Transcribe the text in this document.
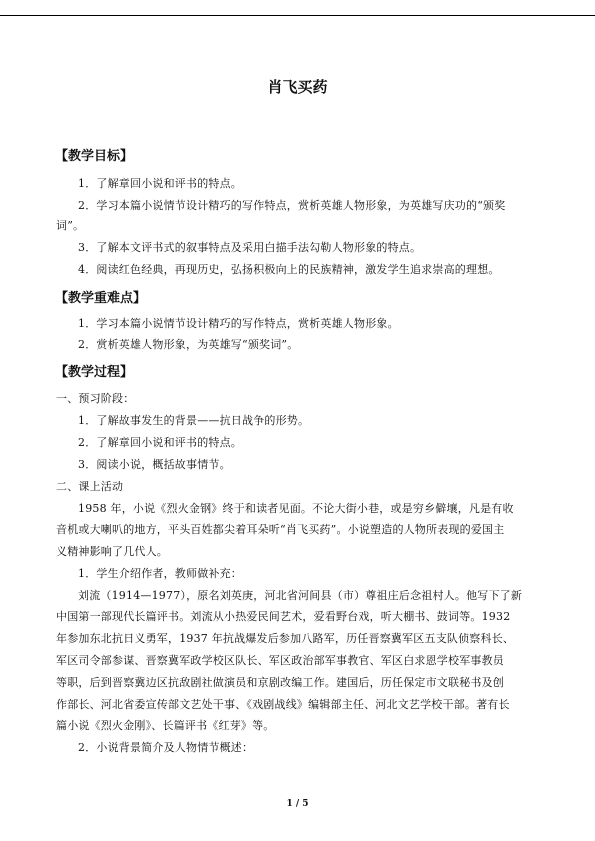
肖飞买药
【教学目标】
1．了解章回小说和评书的特点。
2．学习本篇小说情节设计精巧的写作特点，赏析英雄人物形象，为英雄写庆功的“颁奖
词”。
3．了解本文评书式的叙事特点及采用白描手法勾勒人物形象的特点。
4．阅读红色经典，再现历史，弘扬积极向上的民族精神，激发学生追求崇高的理想。
【教学重难点】
1．学习本篇小说情节设计精巧的写作特点，赏析英雄人物形象。
2．赏析英雄人物形象，为英雄写“颁奖词”。
【教学过程】
一、预习阶段：
1．了解故事发生的背景——抗日战争的形势。
2．了解章回小说和评书的特点。
3．阅读小说，概括故事情节。
二、课上活动
1958 年，小说《烈火金钢》终于和读者见面。不论大街小巷，或是穷乡僻壤，凡是有收
音机或大喇叭的地方，平头百姓都尖着耳朵听“肖飞买药”。小说塑造的人物所表现的爱国主
义精神影响了几代人。
1．学生介绍作者，教师做补充：
刘流（1914—1977），原名刘英庚，河北省河间县（市）尊祖庄后念祖村人。他写下了新
中国第一部现代长篇评书。刘流从小热爱民间艺术，爱看野台戏，听大棚书、鼓词等。1932
年参加东北抗日义勇军，1937 年抗战爆发后参加八路军，历任晋察冀军区五支队侦察科长、
军区司令部参谋、晋察冀军政学校区队长、军区政治部军事教官、军区白求恩学校军事教员
等职，后到晋察冀边区抗敌剧社做演员和京剧改编工作。建国后，历任保定市文联秘书及创
作部长、河北省委宣传部文艺处干事、《戏剧战线》编辑部主任、河北文艺学校干部。著有长
篇小说《烈火金刚》、长篇评书《红芽》等。
2．小说背景简介及人物情节概述：
1 / 5
